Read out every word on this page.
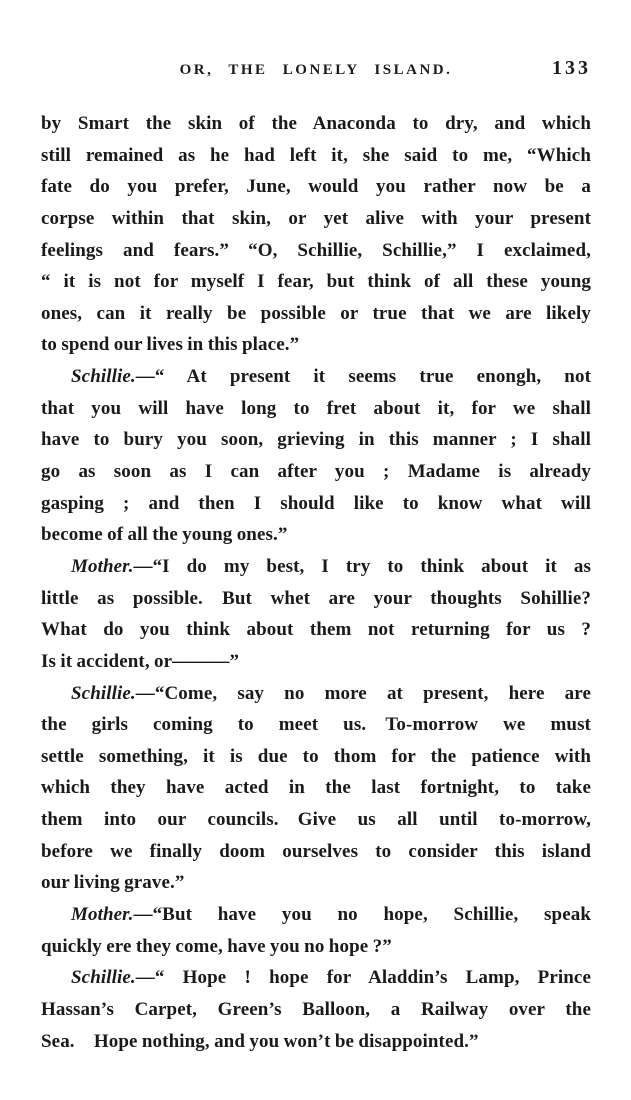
OR, THE LONELY ISLAND.	133
by Smart the skin of the Anaconda to dry, and which
still remained as he had left it, she said to me, “Which
fate do you prefer, June, would you rather now be a
corpse within that skin, or yet alive with your present
feelings and fears.”  “O, Schillie, Schillie,” I exclaimed,
“ it is not for myself I fear, but think of all these young
ones, can it really be possible or true that we are likely
to spend our lives in this place.”
Schillie.—“ At present it seems true enongh, not
that you will have long to fret about it, for we shall
have to bury you soon, grieving in this manner ; I shall
go as soon as I can after you ; Madame is already
gasping ; and then I should like to know what will
become of all the young ones.”
Mother.—“I do my best, I try to think about it as
little as possible.  But whet are your thoughts Sohillie?
What do you think about them not returning for us ?
Is it accident, or———”
Schillie.—“Come, say no more at present, here are
the girls coming to meet us.  To-morrow we must
settle something, it is due to thom for the patience with
which they have acted in the last fortnight, to take
them into our councils.  Give us all until to-morrow,
before we finally doom ourselves to consider this island
our living grave.”
Mother.—“But have you no hope, Schillie, speak
quickly ere they come, have you no hope ?”
Schillie.—“ Hope ! hope for Aladdin’s Lamp, Prince
Hassan’s Carpet, Green’s Balloon, a Railway over the
Sea.  Hope nothing, and you won’t be disappointed.”
